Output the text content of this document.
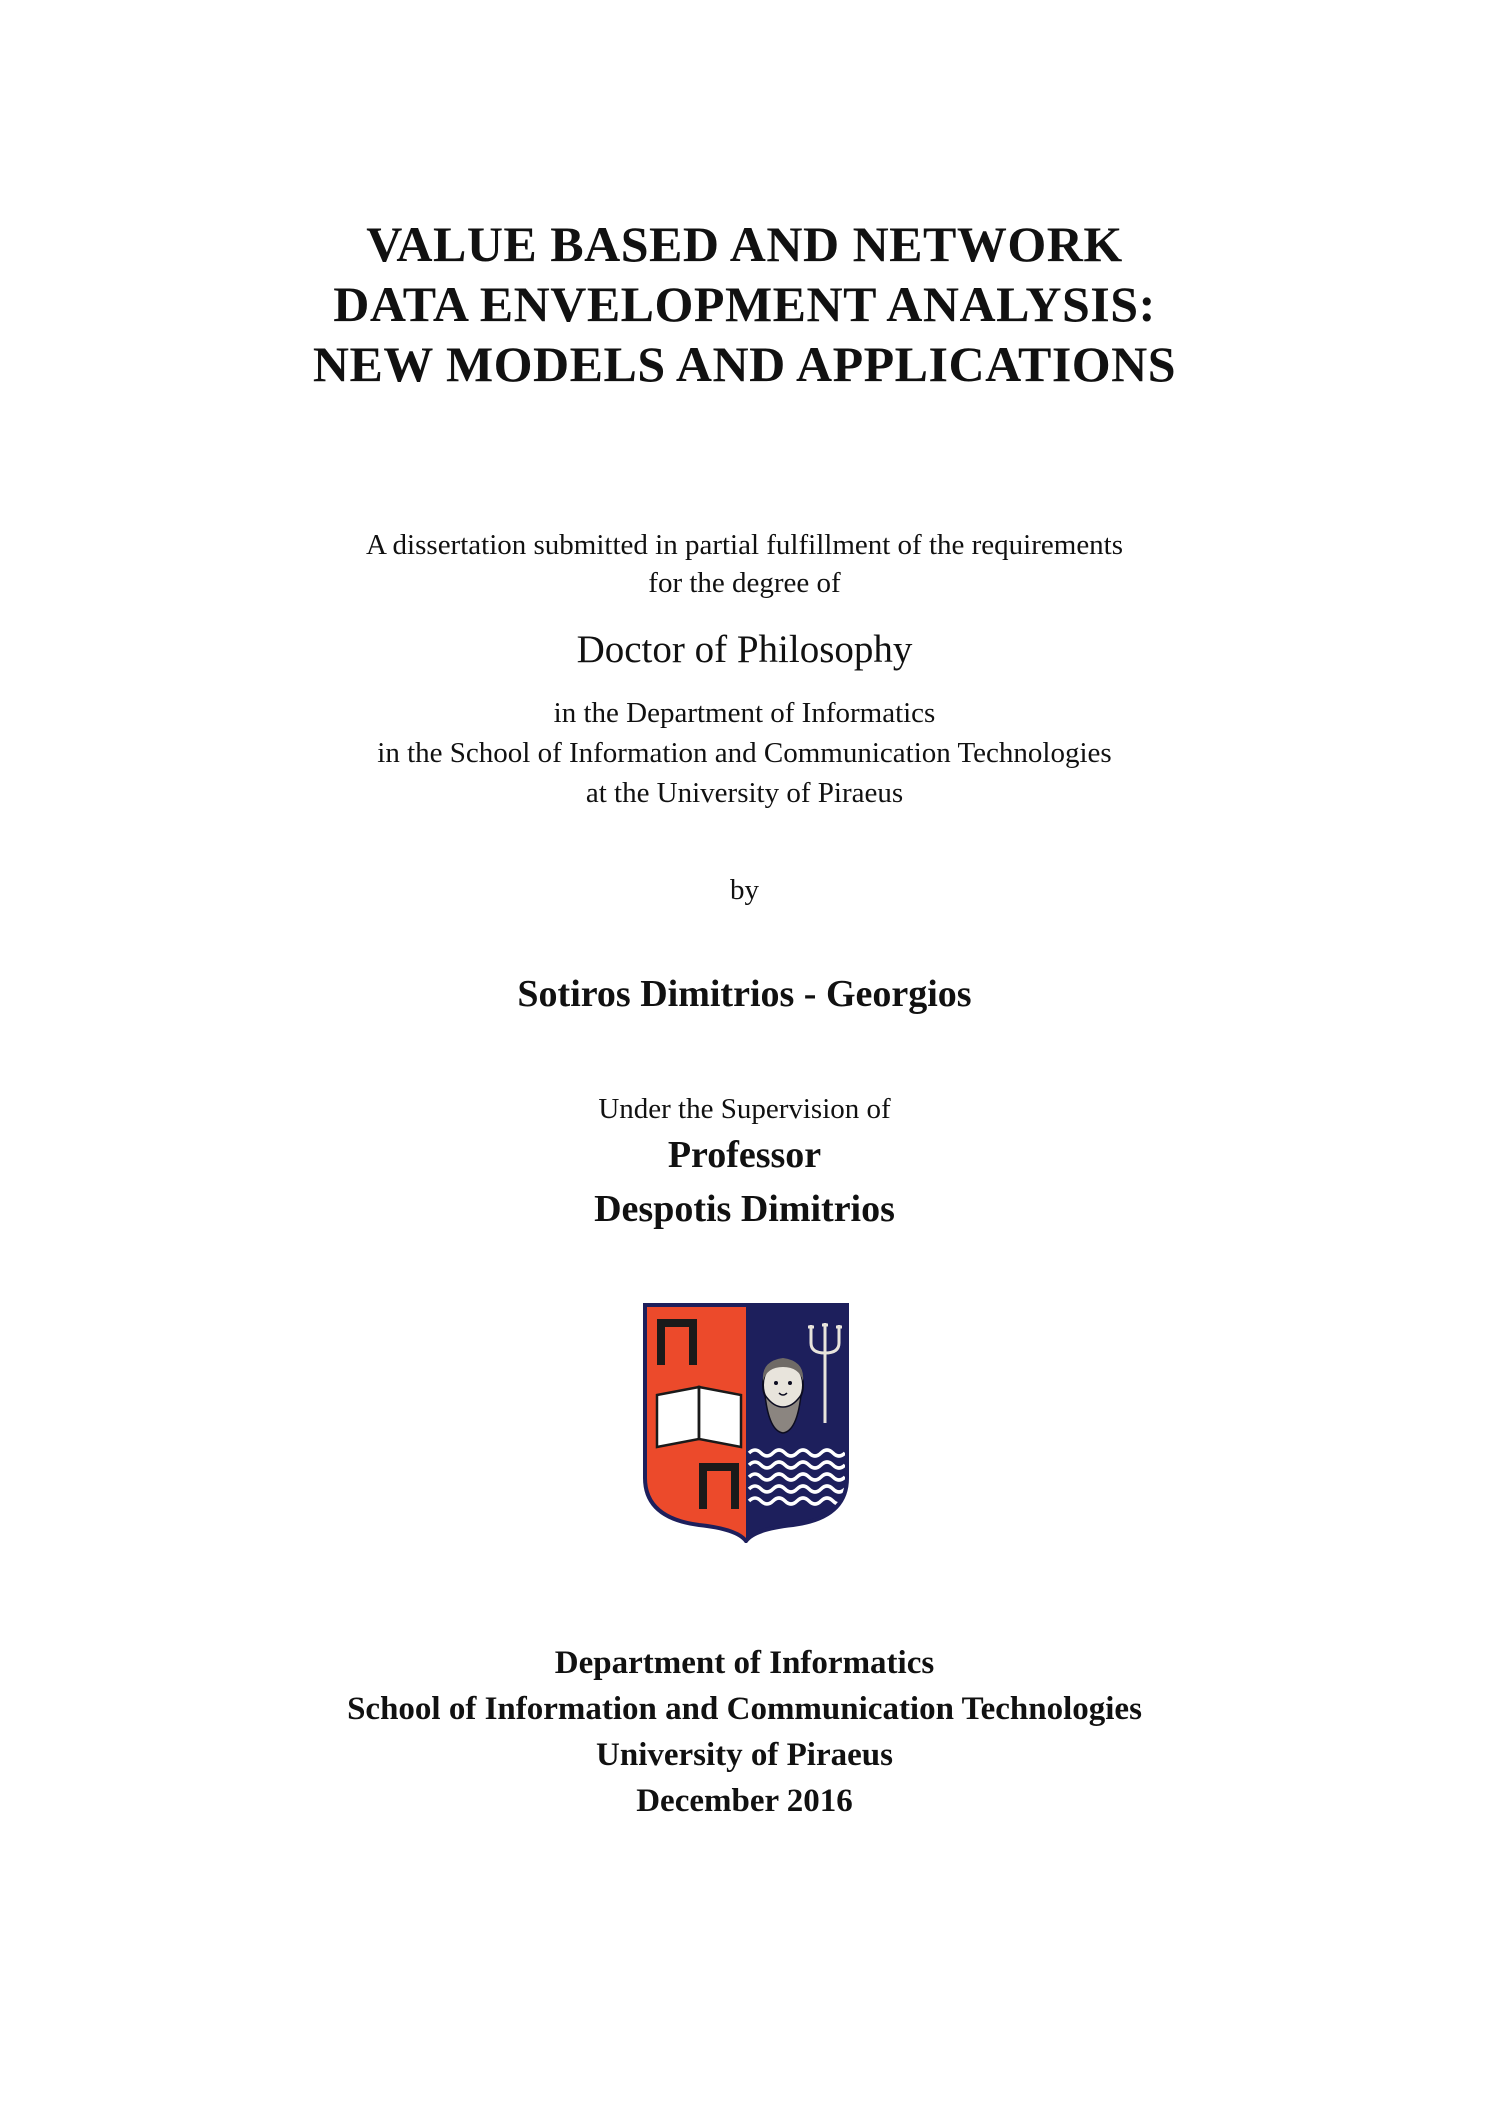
VALUE BASED AND NETWORK
DATA ENVELOPMENT ANALYSIS:
NEW MODELS AND APPLICATIONS
A dissertation submitted in partial fulfillment of the requirements
for the degree of
Doctor of Philosophy
in the Department of Informatics
in the School of Information and Communication Technologies
at the University of Piraeus
by
Sotiros Dimitrios - Georgios
Under the Supervision of
Professor
Despotis Dimitrios
Department of Informatics
School of Information and Communication Technologies
University of Piraeus
December 2016
